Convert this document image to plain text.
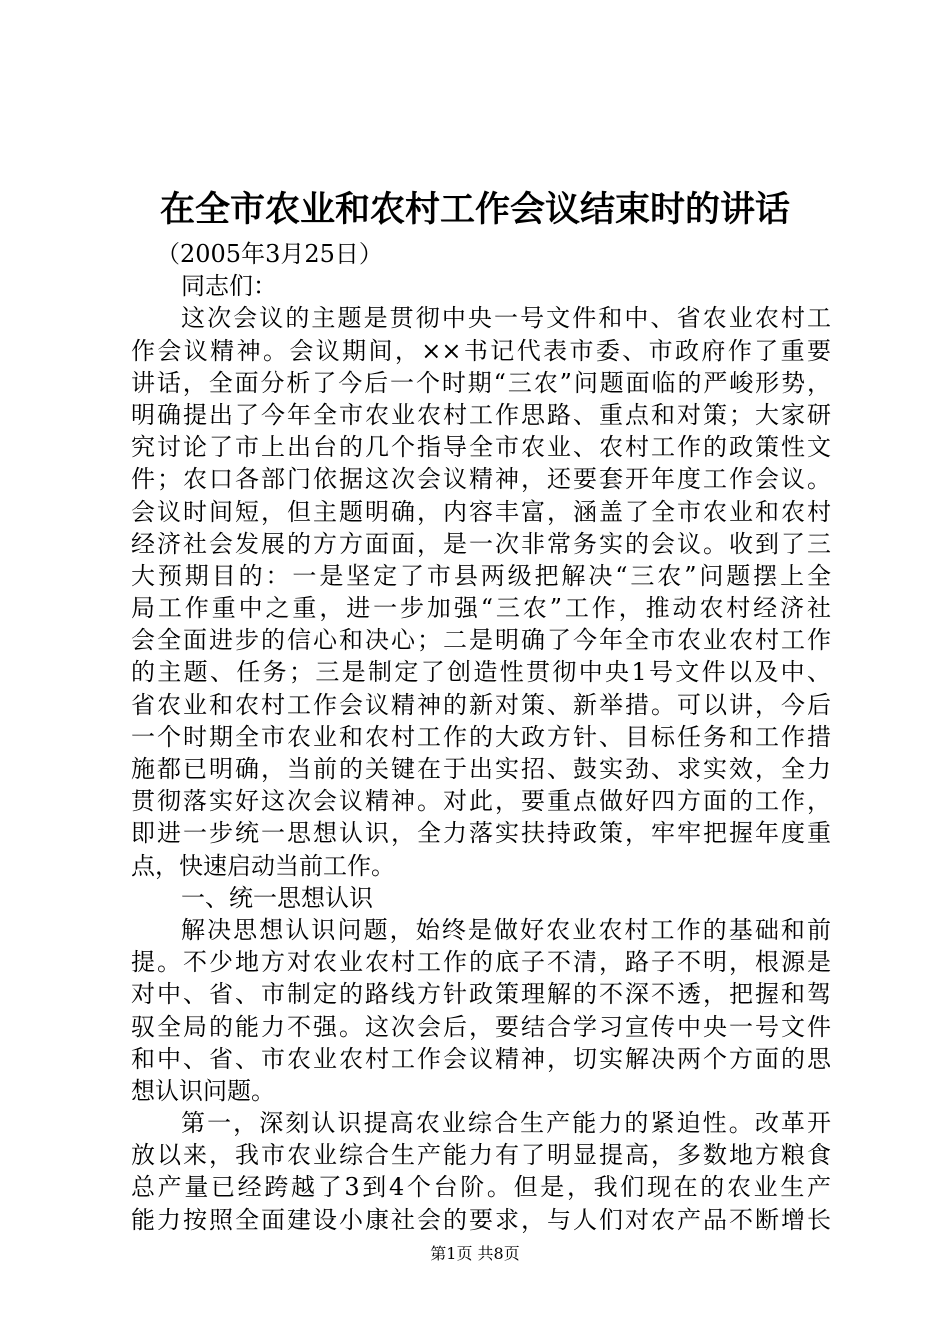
在全市农业和农村工作会议结束时的讲话
（2005年3月25日）
同志们：
这次会议的主题是贯彻中央一号文件和中、省农业农村工
作会议精神。会议期间，××书记代表市委、市政府作了重要
讲话，全面分析了今后一个时期“三农”问题面临的严峻形势，
明确提出了今年全市农业农村工作思路、重点和对策；大家研
究讨论了市上出台的几个指导全市农业、农村工作的政策性文
件；农口各部门依据这次会议精神，还要套开年度工作会议。
会议时间短，但主题明确，内容丰富，涵盖了全市农业和农村
经济社会发展的方方面面，是一次非常务实的会议。收到了三
大预期目的：一是坚定了市县两级把解决“三农”问题摆上全
局工作重中之重，进一步加强“三农”工作，推动农村经济社
会全面进步的信心和决心；二是明确了今年全市农业农村工作
的主题、任务；三是制定了创造性贯彻中央1号文件以及中、
省农业和农村工作会议精神的新对策、新举措。可以讲，今后
一个时期全市农业和农村工作的大政方针、目标任务和工作措
施都已明确，当前的关键在于出实招、鼓实劲、求实效，全力
贯彻落实好这次会议精神。对此，要重点做好四方面的工作，
即进一步统一思想认识，全力落实扶持政策，牢牢把握年度重
点，快速启动当前工作。
一、统一思想认识
解决思想认识问题，始终是做好农业农村工作的基础和前
提。不少地方对农业农村工作的底子不清，路子不明，根源是
对中、省、市制定的路线方针政策理解的不深不透，把握和驾
驭全局的能力不强。这次会后，要结合学习宣传中央一号文件
和中、省、市农业农村工作会议精神，切实解决两个方面的思
想认识问题。
第一，深刻认识提高农业综合生产能力的紧迫性。改革开
放以来，我市农业综合生产能力有了明显提高，多数地方粮食
总产量已经跨越了3到4个台阶。但是，我们现在的农业生产
能力按照全面建设小康社会的要求，与人们对农产品不断增长
第1页 共8页
